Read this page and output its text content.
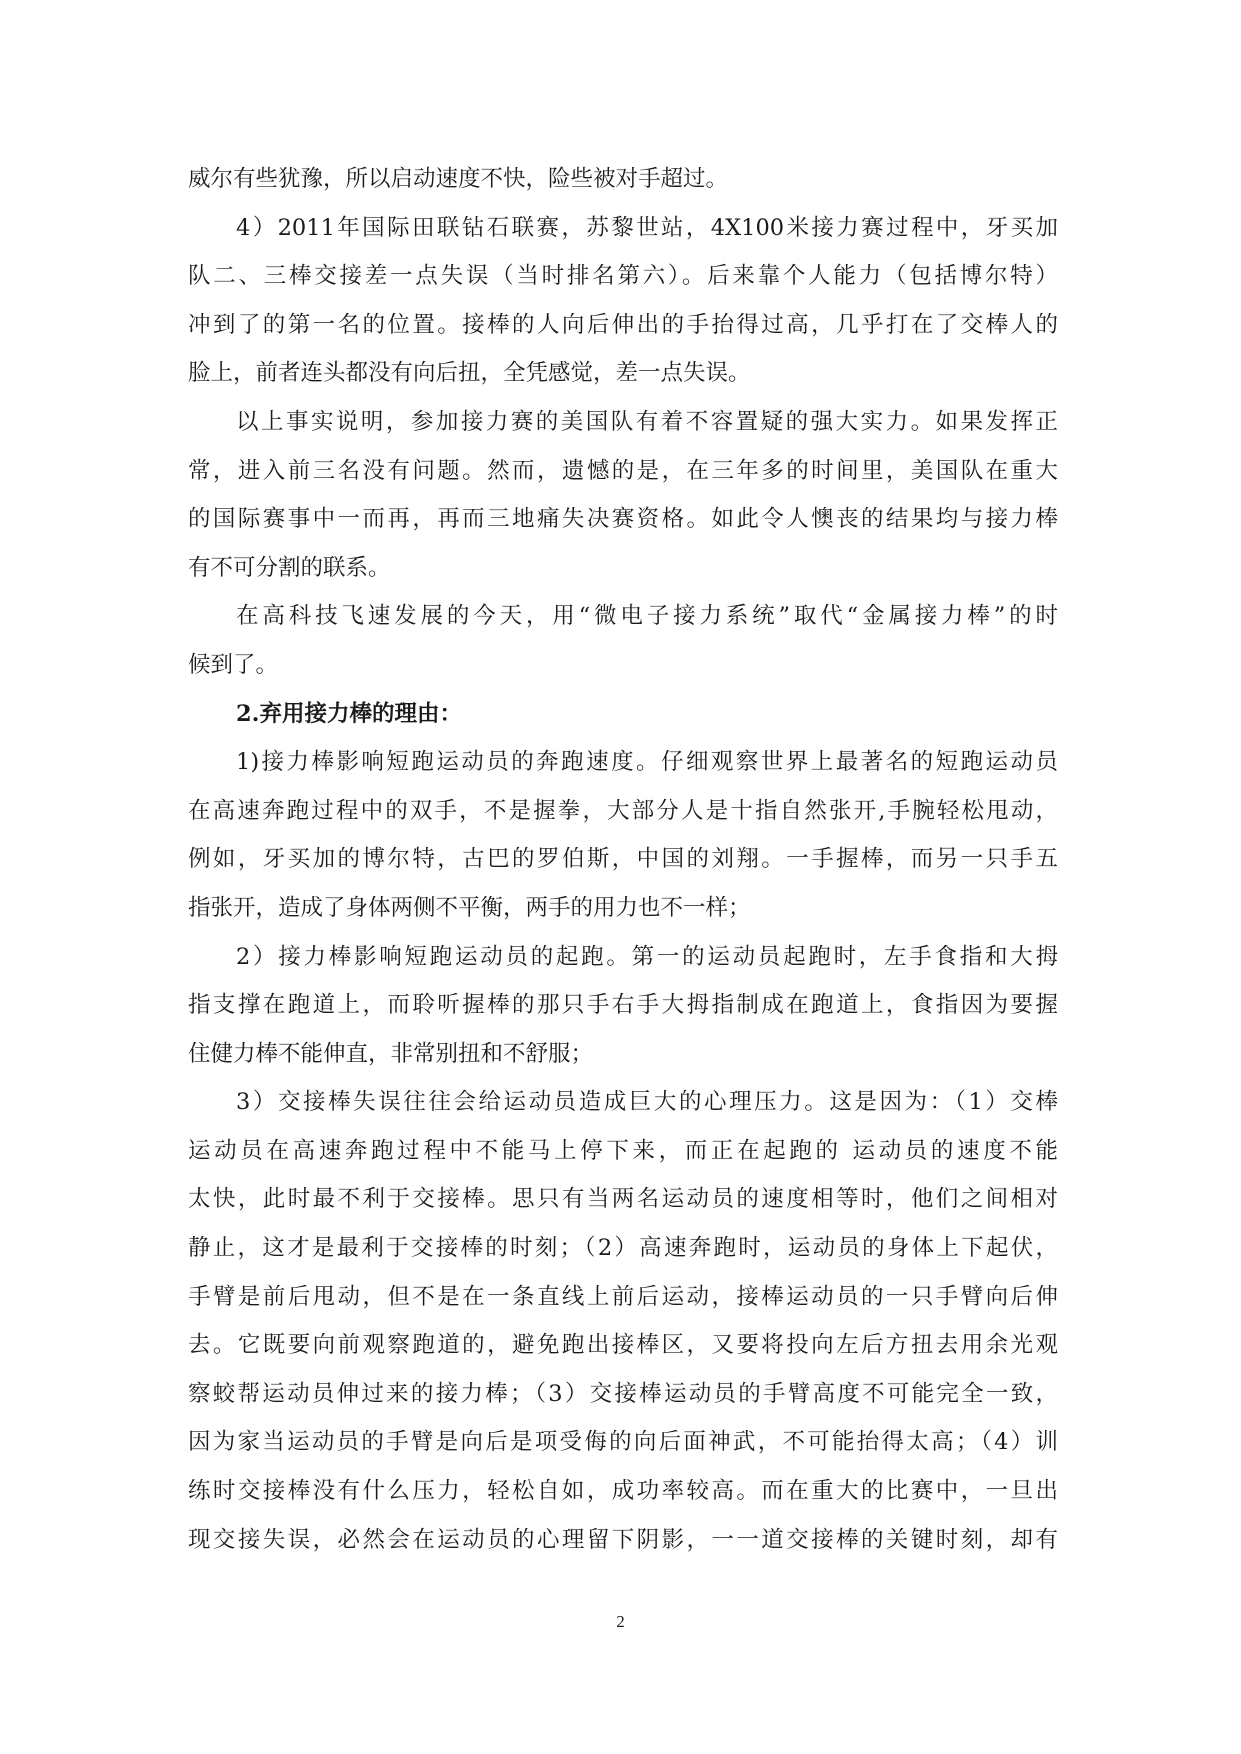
威尔有些犹豫，所以启动速度不快，险些被对手超过。
4）2011年国际田联钻石联赛，苏黎世站，4X100米接力赛过程中，牙买加
队二、三棒交接差一点失误（当时排名第六）。后来靠个人能力（包括博尔特）
冲到了的第一名的位置。接棒的人向后伸出的手抬得过高，几乎打在了交棒人的
脸上，前者连头都没有向后扭，全凭感觉，差一点失误。
以上事实说明，参加接力赛的美国队有着不容置疑的强大实力。如果发挥正
常，进入前三名没有问题。然而，遗憾的是，在三年多的时间里，美国队在重大
的国际赛事中一而再，再而三地痛失决赛资格。如此令人懊丧的结果均与接力棒
有不可分割的联系。
在高科技飞速发展的今天，用“微电子接力系统”取代“金属接力棒”的时
候到了。
2.弃用接力棒的理由：
1)接力棒影响短跑运动员的奔跑速度。仔细观察世界上最著名的短跑运动员
在高速奔跑过程中的双手，不是握拳，大部分人是十指自然张开,手腕轻松甩动，
例如，牙买加的博尔特，古巴的罗伯斯，中国的刘翔。一手握棒，而另一只手五
指张开，造成了身体两侧不平衡，两手的用力也不一样；
2）接力棒影响短跑运动员的起跑。第一的运动员起跑时，左手食指和大拇
指支撑在跑道上，而聆听握棒的那只手右手大拇指制成在跑道上，食指因为要握
住健力棒不能伸直，非常别扭和不舒服；
3）交接棒失误往往会给运动员造成巨大的心理压力。这是因为：（1）交棒
运动员在高速奔跑过程中不能马上停下来，而正在起跑的 运动员的速度不能
太快，此时最不利于交接棒。思只有当两名运动员的速度相等时，他们之间相对
静止，这才是最利于交接棒的时刻；（2）高速奔跑时，运动员的身体上下起伏，
手臂是前后甩动，但不是在一条直线上前后运动，接棒运动员的一只手臂向后伸
去。它既要向前观察跑道的，避免跑出接棒区，又要将投向左后方扭去用余光观
察蛟帮运动员伸过来的接力棒；（3）交接棒运动员的手臂高度不可能完全一致，
因为家当运动员的手臂是向后是项受侮的向后面神武，不可能抬得太高；（4）训
练时交接棒没有什么压力，轻松自如，成功率较高。而在重大的比赛中，一旦出
现交接失误，必然会在运动员的心理留下阴影，一一道交接棒的关键时刻，却有
2
